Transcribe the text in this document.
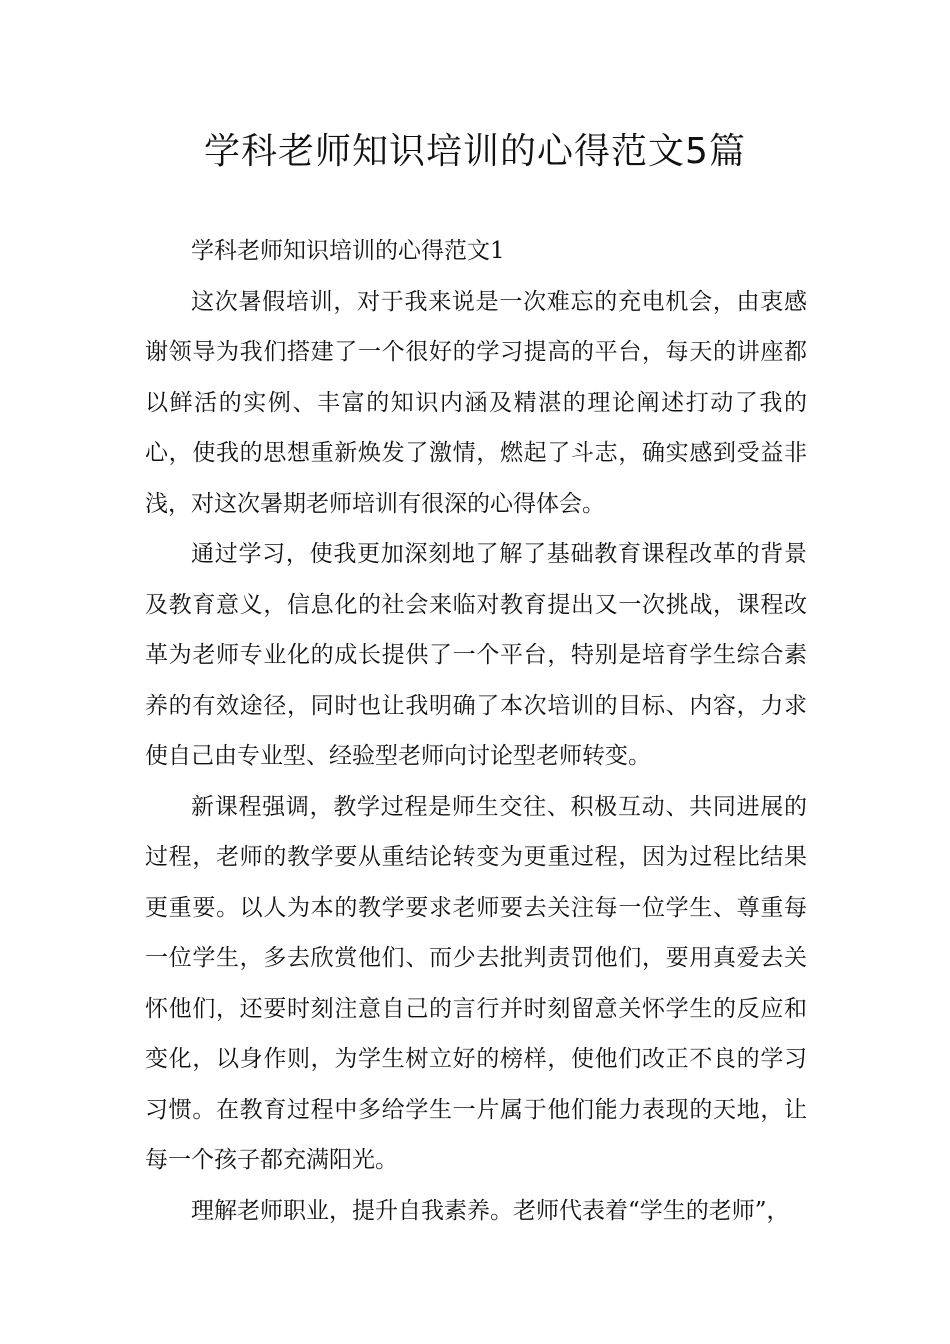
学科老师知识培训的心得范文5篇

学科老师知识培训的心得范文1

这次暑假培训，对于我来说是一次难忘的充电机会，由衷感谢领导为我们搭建了一个很好的学习提高的平台，每天的讲座都以鲜活的实例、丰富的知识内涵及精湛的理论阐述打动了我的心，使我的思想重新焕发了激情，燃起了斗志，确实感到受益非浅，对这次暑期老师培训有很深的心得体会。

通过学习，使我更加深刻地了解了基础教育课程改革的背景及教育意义，信息化的社会来临对教育提出又一次挑战，课程改革为老师专业化的成长提供了一个平台，特别是培育学生综合素养的有效途径，同时也让我明确了本次培训的目标、内容，力求使自己由专业型、经验型老师向讨论型老师转变。

新课程强调，教学过程是师生交往、积极互动、共同进展的过程，老师的教学要从重结论转变为更重过程，因为过程比结果更重要。以人为本的教学要求老师要去关注每一位学生、尊重每一位学生，多去欣赏他们、而少去批判责罚他们，要用真爱去关怀他们，还要时刻注意自己的言行并时刻留意关怀学生的反应和变化，以身作则，为学生树立好的榜样，使他们改正不良的学习习惯。在教育过程中多给学生一片属于他们能力表现的天地，让每一个孩子都充满阳光。

理解老师职业，提升自我素养。老师代表着“学生的老师”，
